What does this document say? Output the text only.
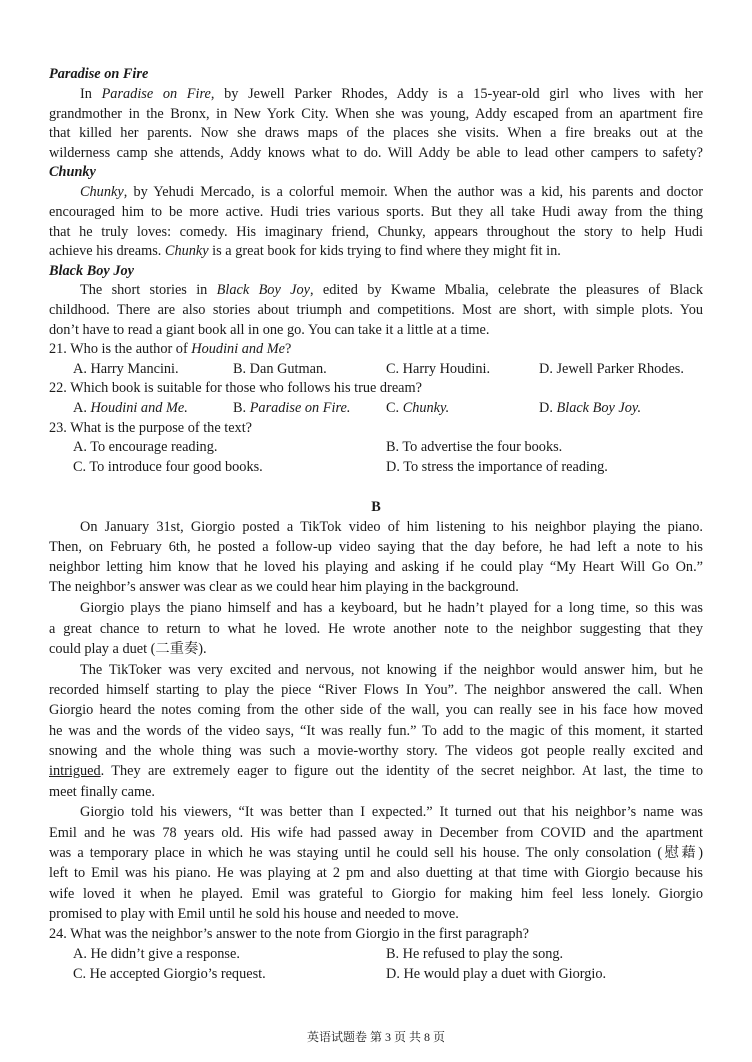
Paradise on Fire
In Paradise on Fire, by Jewell Parker Rhodes, Addy is a 15-year-old girl who lives with her
grandmother in the Bronx, in New York City. When she was young, Addy escaped from an apartment fire
that killed her parents. Now she draws maps of the places she visits. When a fire breaks out at the
wilderness camp she attends, Addy knows what to do. Will Addy be able to lead other campers to safety?
Chunky
Chunky, by Yehudi Mercado, is a colorful memoir. When the author was a kid, his parents and doctor
encouraged him to be more active. Hudi tries various sports. But they all take Hudi away from the thing
that he truly loves: comedy. His imaginary friend, Chunky, appears throughout the story to help Hudi
achieve his dreams. Chunky is a great book for kids trying to find where they might fit in.
Black Boy Joy
The short stories in Black Boy Joy, edited by Kwame Mbalia, celebrate the pleasures of Black
childhood. There are also stories about triumph and competitions. Most are short, with simple plots. You
don’t have to read a giant book all in one go. You can take it a little at a time.
21. Who is the author of Houdini and Me?
A. Harry Mancini.	B. Dan Gutman.	C. Harry Houdini.	D. Jewell Parker Rhodes.
22. Which book is suitable for those who follows his true dream?
A. Houdini and Me.	B. Paradise on Fire. C. Chunky.	D. Black Boy Joy.
23. What is the purpose of the text?
A. To encourage reading.	B. To advertise the four books.
C. To introduce four good books.	D. To stress the importance of reading.
B
On January 31st, Giorgio posted a TikTok video of him listening to his neighbor playing the piano.
Then, on February 6th, he posted a follow-up video saying that the day before, he had left a note to his
neighbor letting him know that he loved his playing and asking if he could play “My Heart Will Go On.”
The neighbor’s answer was clear as we could hear him playing in the background.
Giorgio plays the piano himself and has a keyboard, but he hadn’t played for a long time, so this was
a great chance to return to what he loved. He wrote another note to the neighbor suggesting that they
could play a duet (二重奏).
The TikToker was very excited and nervous, not knowing if the neighbor would answer him, but he
recorded himself starting to play the piece “River Flows In You”. The neighbor answered the call. When
Giorgio heard the notes coming from the other side of the wall, you can really see in his face how moved
he was and the words of the video says, “It was really fun.” To add to the magic of this moment, it started
snowing and the whole thing was such a movie-worthy story. The videos got people really excited and
intrigued. They are extremely eager to figure out the identity of the secret neighbor. At last, the time to
meet finally came.
Giorgio told his viewers, “It was better than I expected.” It turned out that his neighbor’s name was
Emil and he was 78 years old. His wife had passed away in December from COVID and the apartment
was a temporary place in which he was staying until he could sell his house. The only consolation (慰藉)
left to Emil was his piano. He was playing at 2 pm and also duetting at that time with Giorgio because his
wife loved it when he played. Emil was grateful to Giorgio for making him feel less lonely. Giorgio
promised to play with Emil until he sold his house and needed to move.
24. What was the neighbor’s answer to the note from Giorgio in the first paragraph?
A. He didn’t give a response.	B. He refused to play the song.
C. He accepted Giorgio’s request.	D. He would play a duet with Giorgio.
英语试题卷 第 3 页 共 8 页
